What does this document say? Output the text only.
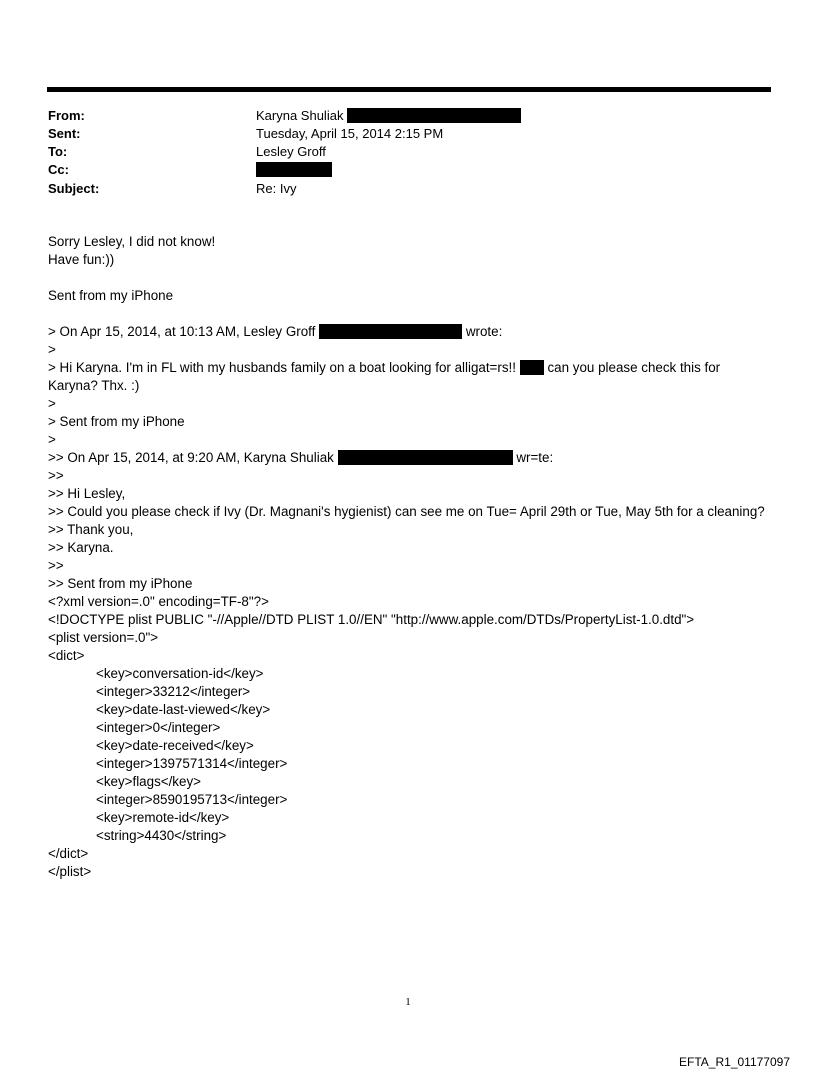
From:	Karyna Shuliak
Sent:	Tuesday, April 15, 2014 2:15 PM
To:	Lesley Groff
Cc:
Subject:	Re: Ivy
Sorry Lesley, I did not know!
Have fun:))
Sent from my iPhone
> On Apr 15, 2014, at 10:13 AM, Lesley Groff	wrote:
>
> Hi Karyna. I'm in FL with my husbands family on a boat looking for alligat=rs!! can you please check this for
Karyna? Thx. :)
>
> Sent from my iPhone
>
>> On Apr 15, 2014, at 9:20 AM, Karyna Shuliak	wr=te:
>>
>> Hi Lesley,
>> Could you please check if Ivy (Dr. Magnani's hygienist) can see me on Tue= April 29th or Tue, May 5th for a cleaning?
>> Thank you,
>> Karyna.
>>
>> Sent from my iPhone
<?xml version=.0" encoding=TF-8"?>
<!DOCTYPE plist PUBLIC "-//Apple//DTD PLIST 1.0//EN" "http://www.apple.com/DTDs/PropertyList-1.0.dtd">
<plist version=.0">
<dict>
<key>conversation-id</key>
<integer>33212</integer>
<key>date-last-viewed</key>
<integer>0</integer>
<key>date-received</key>
<integer>1397571314</integer>
<key>flags</key>
<integer>8590195713</integer>
<key>remote-id</key>
<string>4430</string>
</dict>
</plist>
1
EFTA_R1_01177097
